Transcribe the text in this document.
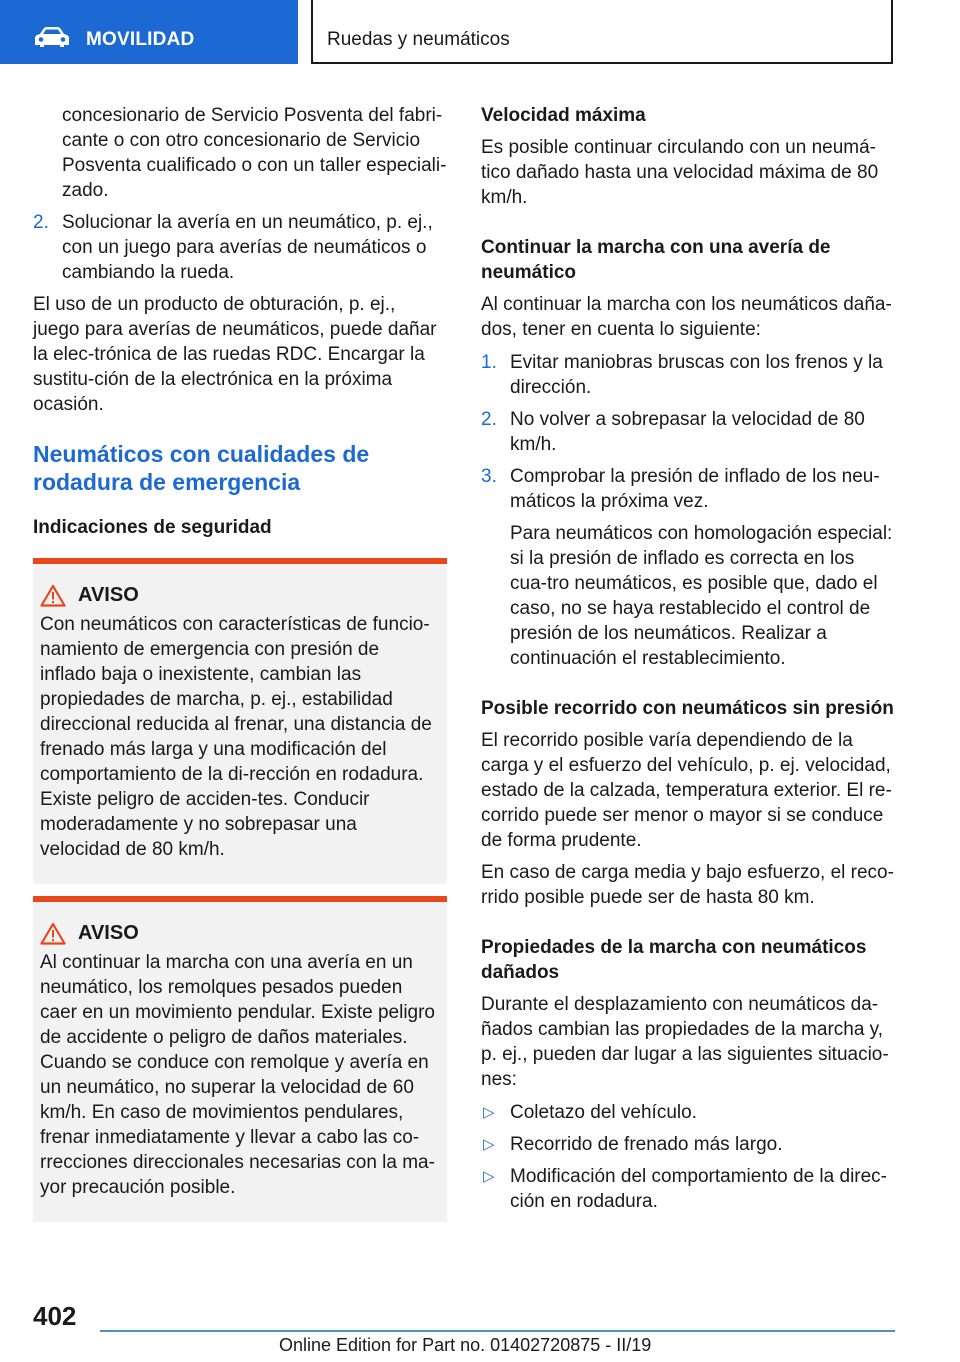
MOVILIDAD	Ruedas y neumáticos

concesionario de Servicio Posventa del fabri-cante o con otro concesionario de Servicio Posventa cualificado o con un taller especiali-zado.

2. Solucionar la avería en un neumático, p. ej., con un juego para averías de neumáticos o cambiando la rueda.

El uso de un producto de obturación, p. ej., juego para averías de neumáticos, puede dañar la elec-trónica de las ruedas RDC. Encargar la sustitu-ción de la electrónica en la próxima ocasión.

Neumáticos con cualidades de rodadura de emergencia
Indicaciones de seguridad
AVISO

Con neumáticos con características de funcio-namiento de emergencia con presión de inflado baja o inexistente, cambian las propiedades de marcha, p. ej., estabilidad direccional reducida al frenar, una distancia de frenado más larga y una modificación del comportamiento de la di-rección en rodadura. Existe peligro de acciden-tes. Conducir moderadamente y no sobrepasar una velocidad de 80 km/h.

AVISO

Al continuar la marcha con una avería en un neumático, los remolques pesados pueden caer en un movimiento pendular. Existe peligro de accidente o peligro de daños materiales. Cuando se conduce con remolque y avería en un neumático, no superar la velocidad de 60 km/h. En caso de movimientos pendulares, frenar inmediatamente y llevar a cabo las co-rrecciones direccionales necesarias con la ma-yor precaución posible.

Velocidad máxima

Es posible continuar circulando con un neumá-tico dañado hasta una velocidad máxima de 80 km/h.

Continuar la marcha con una avería de neumático

Al continuar la marcha con los neumáticos daña-dos, tener en cuenta lo siguiente:

1. Evitar maniobras bruscas con los frenos y la dirección.
2. No volver a sobrepasar la velocidad de 80 km/h.
3. Comprobar la presión de inflado de los neu-máticos la próxima vez.

Para neumáticos con homologación especial: si la presión de inflado es correcta en los cua-tro neumáticos, es posible que, dado el caso, no se haya restablecido el control de presión de los neumáticos. Realizar a continuación el restablecimiento.

Posible recorrido con neumáticos sin presión

El recorrido posible varía dependiendo de la carga y el esfuerzo del vehículo, p. ej. velocidad, estado de la calzada, temperatura exterior. El re-corrido puede ser menor o mayor si se conduce de forma prudente.

En caso de carga media y bajo esfuerzo, el reco-rrido posible puede ser de hasta 80 km.

Propiedades de la marcha con neumáticos dañados

Durante el desplazamiento con neumáticos da-ñados cambian las propiedades de la marcha y, p. ej., pueden dar lugar a las siguientes situacio-nes:

▷ Coletazo del vehículo.
▷ Recorrido de frenado más largo.
▷ Modificación del comportamiento de la direc-ción en rodadura.
402
Online Edition for Part no. 01402720875 - II/19
